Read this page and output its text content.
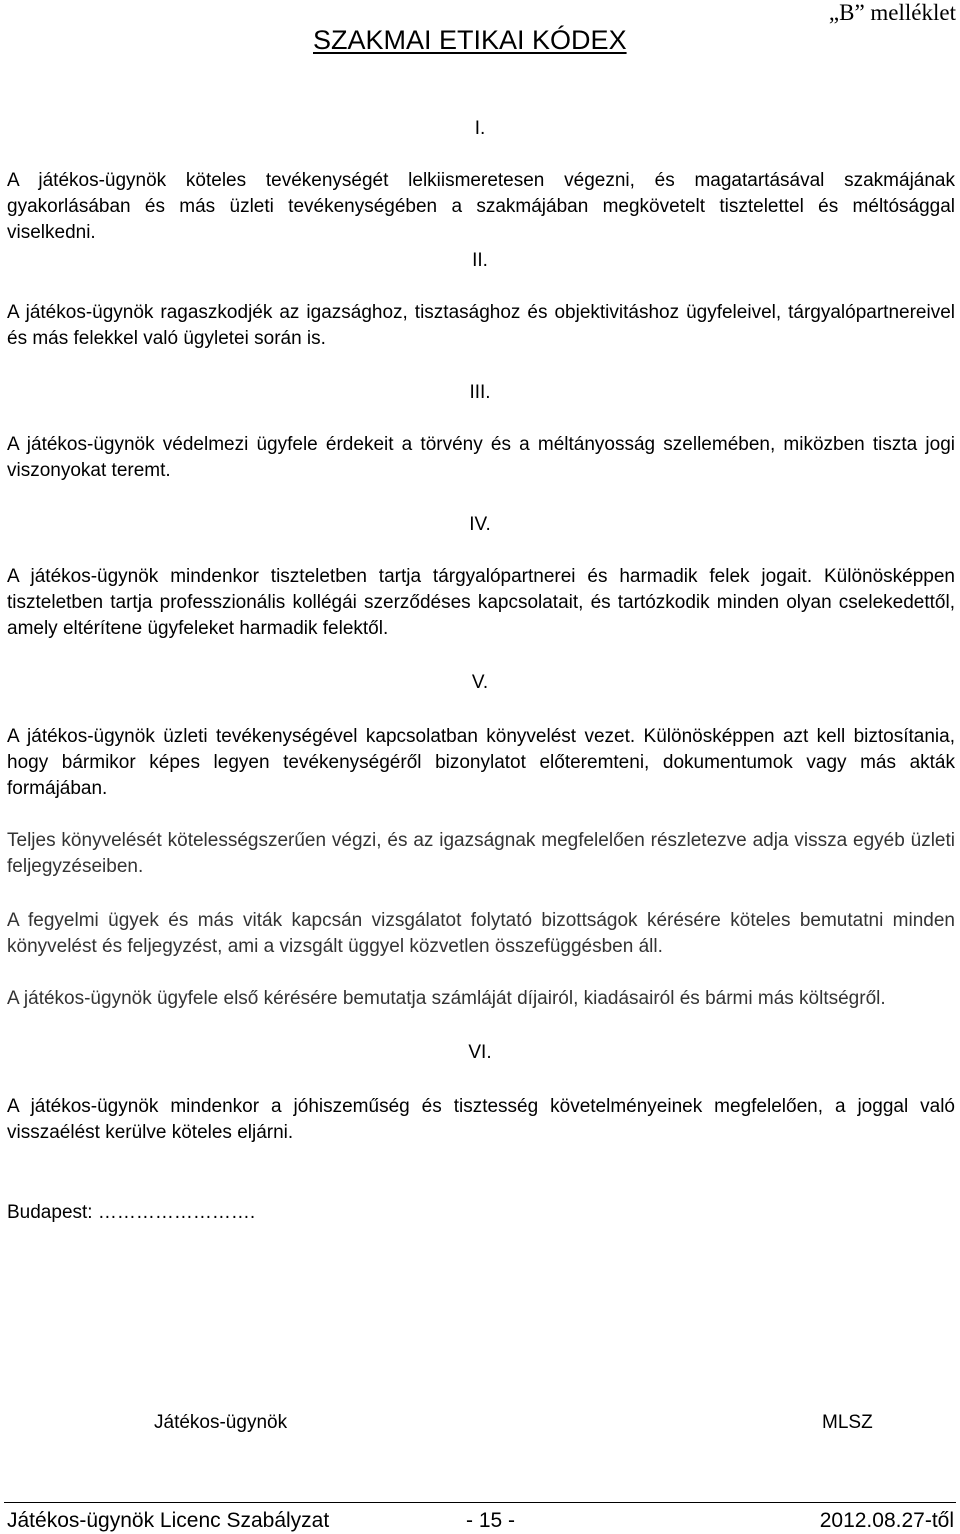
„B” melléklet
SZAKMAI ETIKAI KÓDEX
I.

A játékos-ügynök köteles tevékenységét lelkiismeretesen végezni, és magatartásával szakmájának gyakorlásában és más üzleti tevékenységében a szakmájában megkövetelt tisztelettel és méltósággal viselkedni.

II.

A játékos-ügynök ragaszkodjék az igazsághoz, tisztasághoz és objektivitáshoz ügyfeleivel, tárgyalópartnereivel és más felekkel való ügyletei során is.

III.

A játékos-ügynök védelmezi ügyfele érdekeit a törvény és a méltányosság szellemében, miközben tiszta jogi viszonyokat teremt.

IV.

A játékos-ügynök mindenkor tiszteletben tartja tárgyalópartnerei és harmadik felek jogait. Különösképpen tiszteletben tartja professzionális kollégái szerződéses kapcsolatait, és tartózkodik minden olyan cselekedettől, amely eltérítene ügyfeleket harmadik felektől.

V.

A játékos-ügynök üzleti tevékenységével kapcsolatban könyvelést vezet. Különösképpen azt kell biztosítania, hogy bármikor képes legyen tevékenységéről bizonylatot előteremteni, dokumentumok vagy más akták formájában.

Teljes könyvelését kötelességszerűen végzi, és az igazságnak megfelelően részletezve adja vissza egyéb üzleti feljegyzéseiben.

A fegyelmi ügyek és más viták kapcsán vizsgálatot folytató bizottságok kérésére köteles bemutatni minden könyvelést és feljegyzést, ami a vizsgált üggyel közvetlen összefüggésben áll.

A játékos-ügynök ügyfele első kérésére bemutatja számláját díjairól, kiadásairól és bármi más költségről.

VI.

A játékos-ügynök mindenkor a jóhiszeműség és tisztesség követelményeinek megfelelően, a joggal való visszaélést kerülve köteles eljárni.

Budapest: …………………….
Játékos-ügynök	MLSZ
Játékos-ügynök Licenc Szabályzat	- 15 -	2012.08.27-től
